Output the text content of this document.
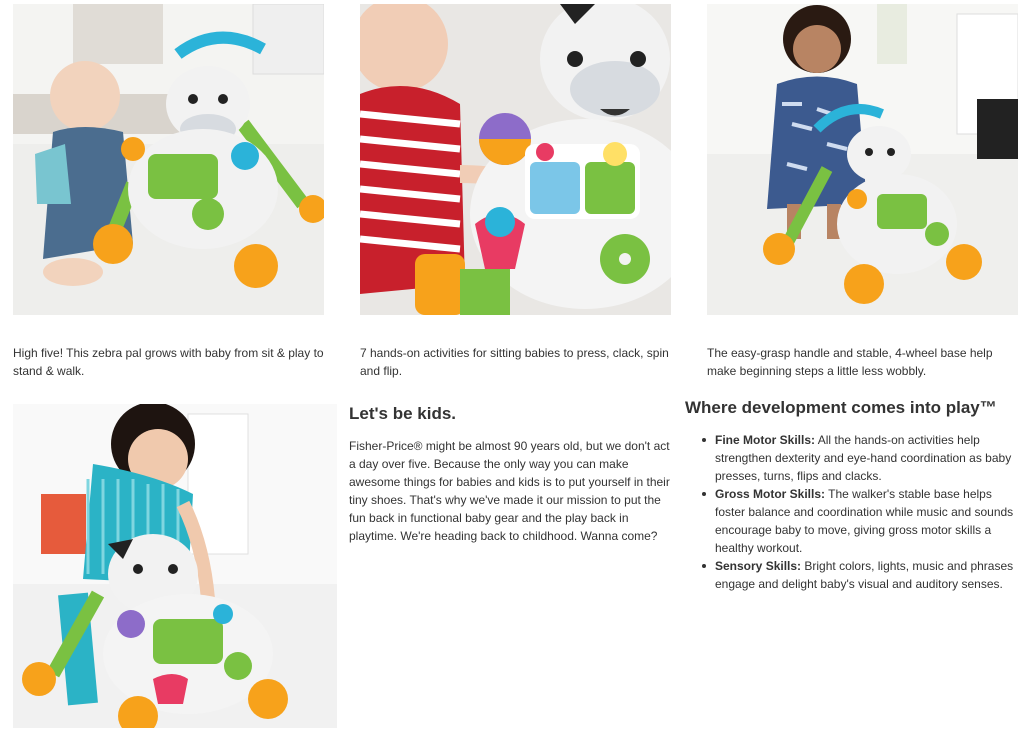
High five! This zebra pal grows with baby from sit & play to stand & walk.

7 hands-on activities for sitting babies to press, clack, spin and flip.

The easy-grasp handle and stable, 4-wheel base help make beginning steps a little less wobbly.

Let's be kids.

Fisher-Price® might be almost 90 years old, but we don't act a day over five. Because the only way you can make awesome things for babies and kids is to put yourself in their tiny shoes. That's why we've made it our mission to put the fun back in functional baby gear and the play back in playtime. We're heading back to childhood. Wanna come?

Where development comes into play™
Fine Motor Skills: All the hands-on activities help strengthen dexterity and eye-hand coordination as baby presses, turns, flips and clacks.
Gross Motor Skills: The walker's stable base helps foster balance and coordination while music and sounds encourage baby to move, giving gross motor skills a healthy workout.
Sensory Skills: Bright colors, lights, music and phrases engage and delight baby's visual and auditory senses.
